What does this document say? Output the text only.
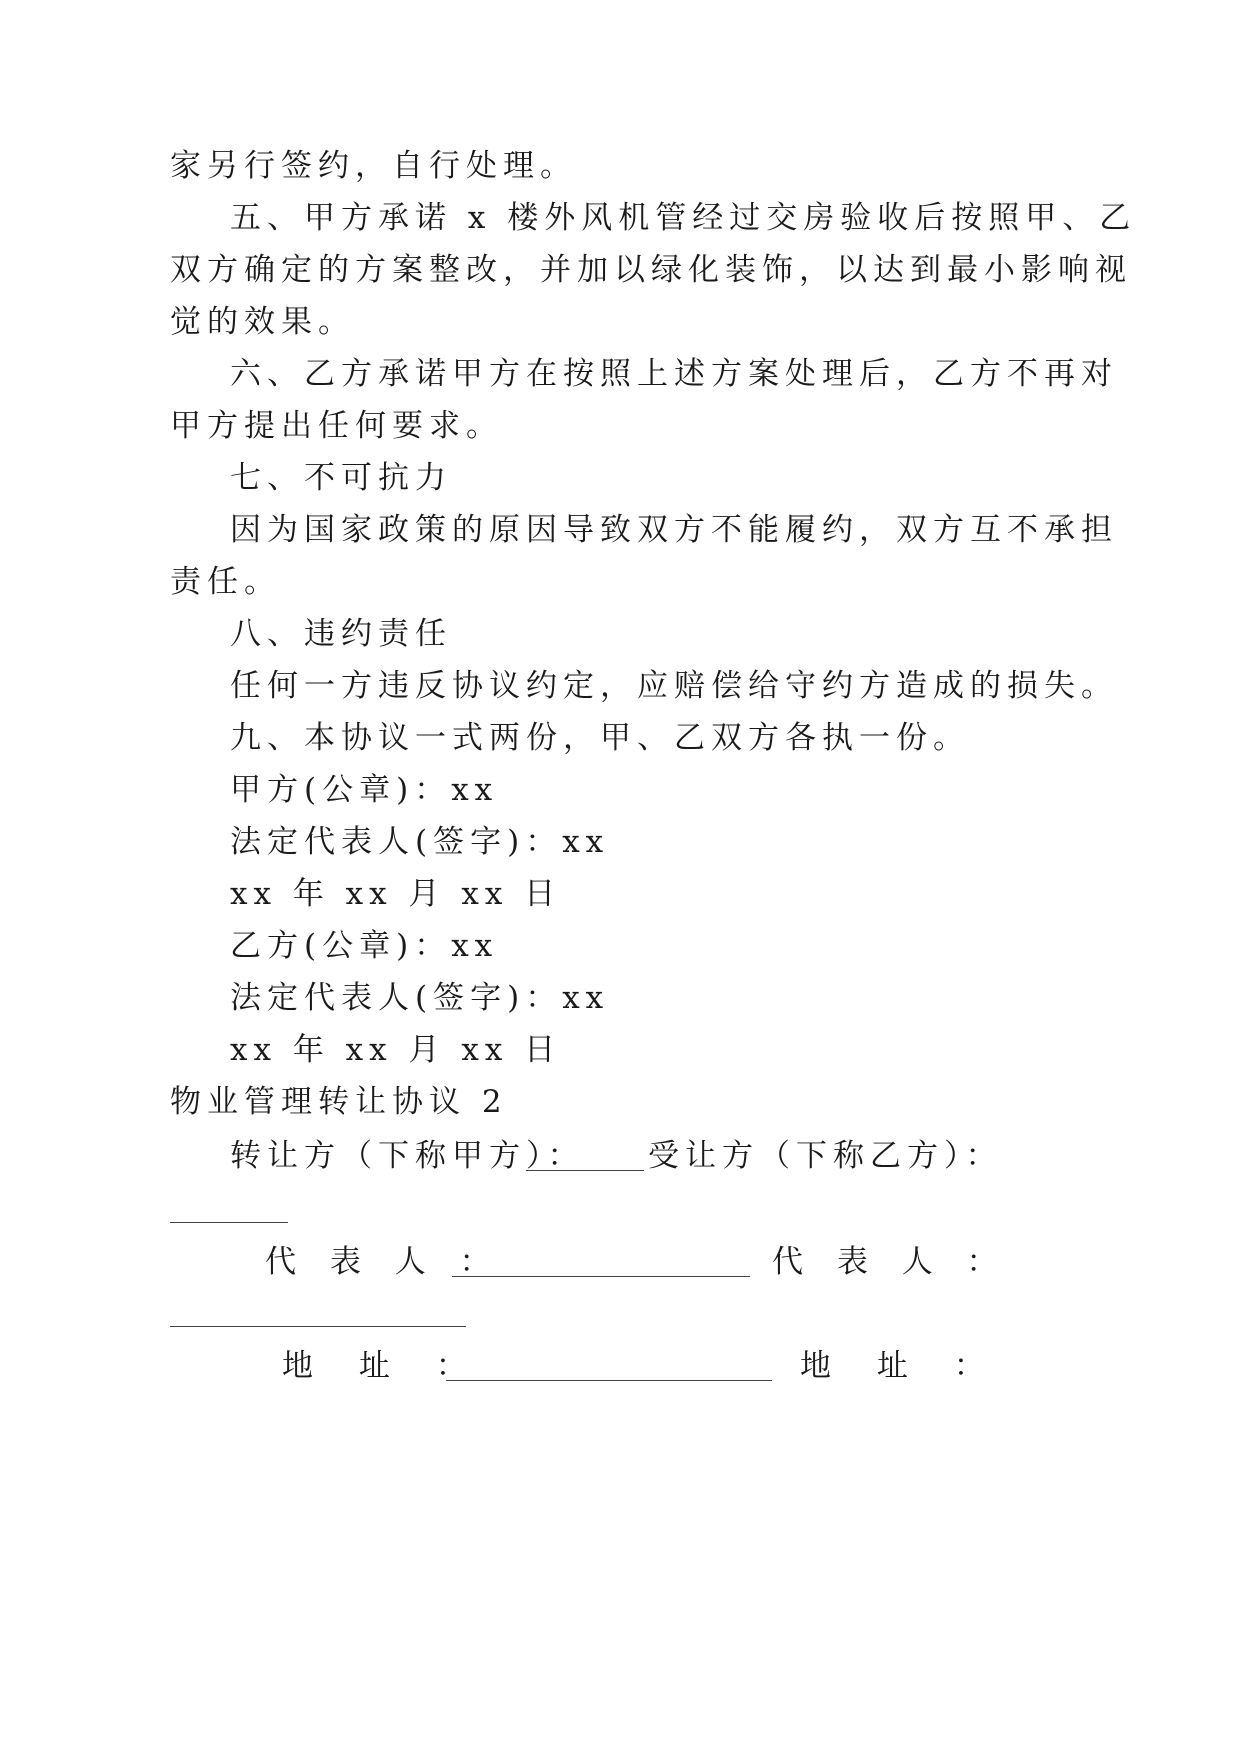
家另行签约，自行处理。
五、甲方承诺 x 楼外风机管经过交房验收后按照甲、乙
双方确定的方案整改，并加以绿化装饰，以达到最小影响视
觉的效果。
六、乙方承诺甲方在按照上述方案处理后，乙方不再对
甲方提出任何要求。
七、不可抗力
因为国家政策的原因导致双方不能履约，双方互不承担
责任。
八、违约责任
任何一方违反协议约定，应赔偿给守约方造成的损失。
九、本协议一式两份，甲、乙双方各执一份。
甲方(公章)：xx
法定代表人(签字)：xx
xx 年 xx 月 xx 日
乙方(公章)：xx
法定代表人(签字)：xx
xx 年 xx 月 xx 日
物业管理转让协议 2
转让方（下称甲方）： 受让方（下称乙方）：
代 表 人 ：	代 表 人 ：
地 址 ：	地 址 ：
